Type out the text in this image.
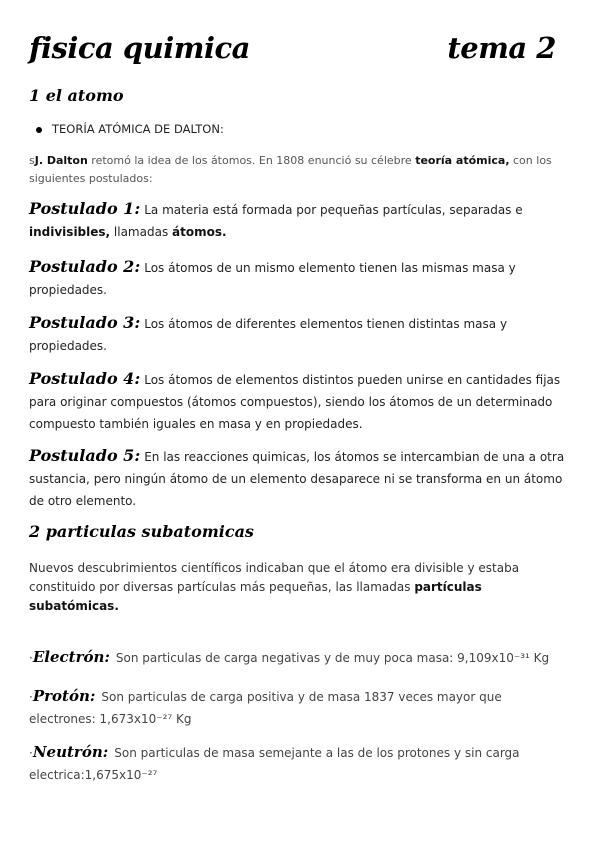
fisica quimica	tema 2
1 el atomo
TEORÍA ATÓMICA DE DALTON:

sJ. Dalton retomó la idea de los átomos. En 1808 enunció su célebre teoría atómica, con los siguientes postulados:

Postulado 1: La materia está formada por pequeñas partículas, separadas e indivisibles, llamadas átomos.

Postulado 2: Los átomos de un mismo elemento tienen las mismas masa y propiedades.

Postulado 3: Los átomos de diferentes elementos tienen distintas masa y propiedades.

Postulado 4: Los átomos de elementos distintos pueden unirse en cantidades fijas para originar compuestos (átomos compuestos), siendo los átomos de un determinado compuesto también iguales en masa y en propiedades.

Postulado 5: En las reacciones quimicas, los átomos se intercambian de una a otra sustancia, pero ningún átomo de un elemento desaparece ni se transforma en un átomo de otro elemento.

2 particulas subatomicas

Nuevos descubrimientos científicos indicaban que el átomo era divisible y estaba constituido por diversas partículas más pequeñas, las llamadas partículas subatómicas.

·Electrón: Son particulas de carga negativas y de muy poca masa: 9,109x10⁻³¹ Kg

·Protón: Son particulas de carga positiva y de masa 1837 veces mayor que electrones: 1,673x10⁻²⁷ Kg

·Neutrón: Son particulas de masa semejante a las de los protones y sin carga electrica:1,675x10⁻²⁷
